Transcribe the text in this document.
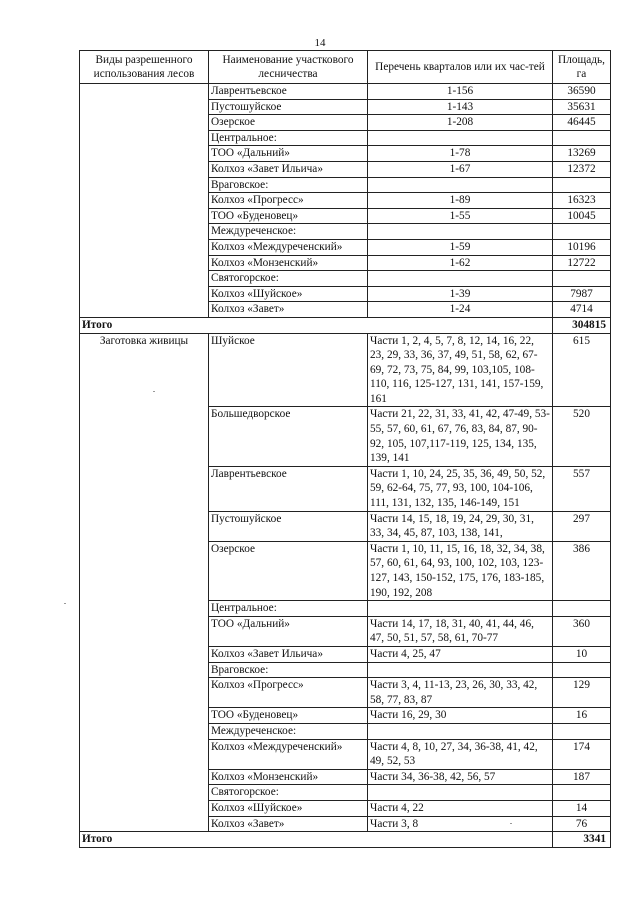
14
Виды разрешенного использования лесов	Наименование участкового лесничества	Перечень кварталов или их час-тей	Площадь, га
	Лаврентьевское	1-156	36590
	Пустошуйское	1-143	35631
	Озерское	1-208	46445
	Центральное:		
	ТОО «Дальний»	1-78	13269
	Колхоз «Завет Ильича»	1-67	12372
	Враговское:		
	Колхоз «Прогресс»	1-89	16323
	ТОО «Буденовец»	1-55	10045
	Междуреченское:		
	Колхоз «Междуреченский»	1-59	10196
	Колхоз «Монзенский»	1-62	12722
	Святогорское:		
	Колхоз «Шуйское»	1-39	7987
	Колхоз «Завет»	1-24	4714
Итого			304815
Заготовка живицы	Шуйское	Части 1, 2, 4, 5, 7, 8, 12, 14, 16, 22, 23, 29, 33, 36, 37, 49, 51, 58, 62, 67-69, 72, 73, 75, 84, 99, 103,105, 108-110, 116, 125-127, 131, 141, 157-159, 161	615
	Большедворское	Части 21, 22, 31, 33, 41, 42, 47-49, 53-55, 57, 60, 61, 67, 76, 83, 84, 87, 90-92, 105, 107,117-119, 125, 134, 135, 139, 141	520
	Лаврентьевское	Части 1, 10, 24, 25, 35, 36, 49, 50, 52, 59, 62-64, 75, 77, 93, 100, 104-106, 111, 131, 132, 135, 146-149, 151	557
	Пустошуйское	Части 14, 15, 18, 19, 24, 29, 30, 31, 33, 34, 45, 87, 103, 138, 141,	297
	Озерское	Части 1, 10, 11, 15, 16, 18, 32, 34, 38, 57, 60, 61, 64, 93, 100, 102, 103, 123-127, 143, 150-152, 175, 176, 183-185, 190, 192, 208	386
	Центральное:		
	ТОО «Дальний»	Части 14, 17, 18, 31, 40, 41, 44, 46, 47, 50, 51, 57, 58, 61, 70-77	360
	Колхоз «Завет Ильича»	Части 4, 25, 47	10
	Враговское:		
	Колхоз «Прогресс»	Части 3, 4, 11-13, 23, 26, 30, 33, 42, 58, 77, 83, 87	129
	ТОО «Буденовец»	Части 16, 29, 30	16
	Междуреченское:		
	Колхоз «Междуреченский»	Части 4, 8, 10, 27, 34, 36-38, 41, 42, 49, 52, 53	174
	Колхоз «Монзенский»	Части 34, 36-38, 42, 56, 57	187
	Святогорское:		
	Колхоз «Шуйское»	Части 4, 22	14
	Колхоз «Завет»	Части 3, 8	76
Итого			3341
